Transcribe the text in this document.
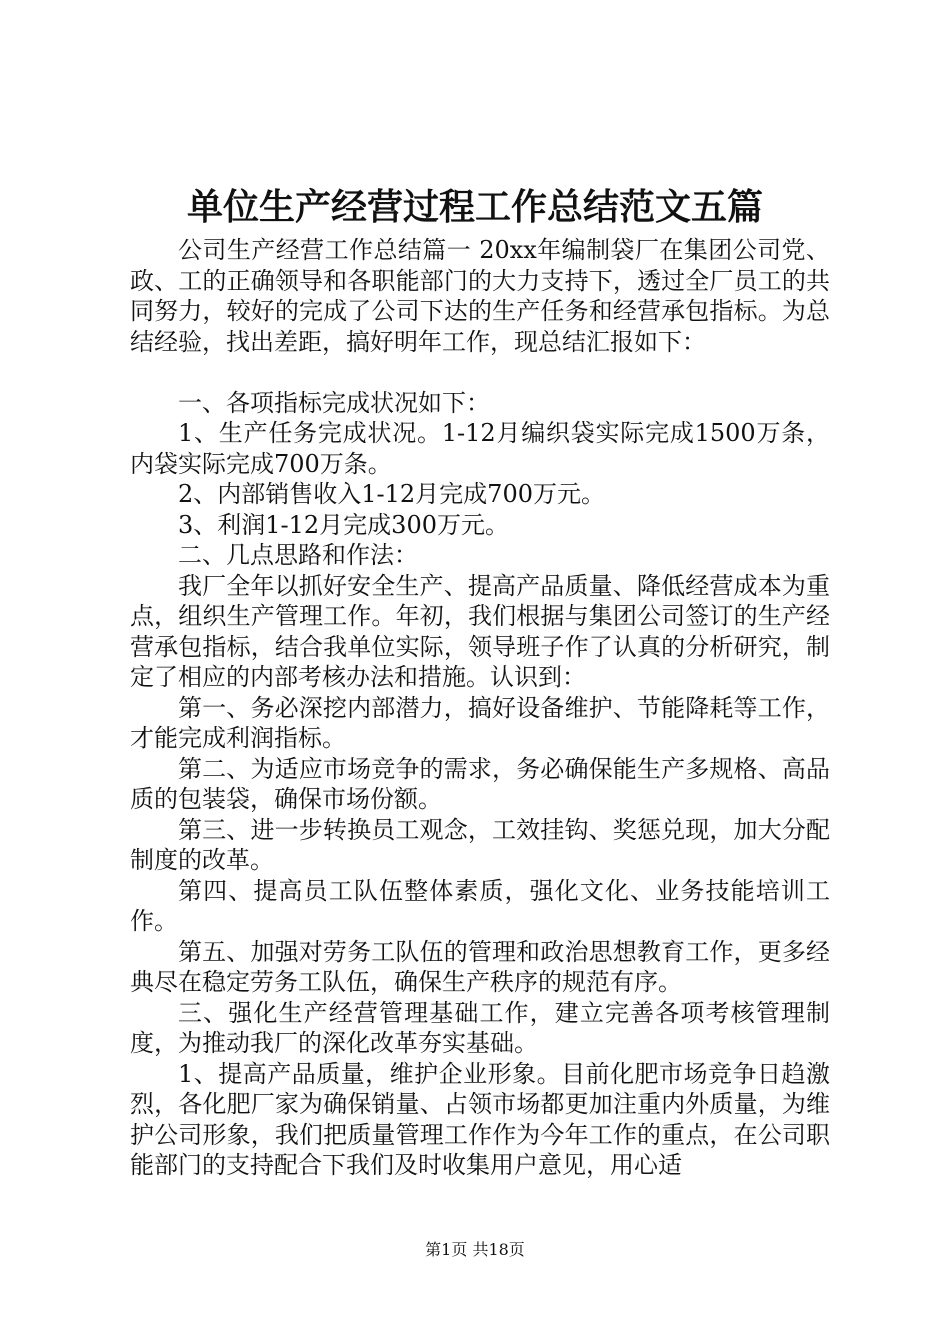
单位生产经营过程工作总结范文五篇

公司生产经营工作总结篇一 20xx年编制袋厂在集团公司党、政、工的正确领导和各职能部门的大力支持下，透过全厂员工的共同努力，较好的完成了公司下达的生产任务和经营承包指标。为总结经验，找出差距，搞好明年工作，现总结汇报如下：

一、各项指标完成状况如下：

1、生产任务完成状况。1-12月编织袋实际完成1500万条，内袋实际完成700万条。

2、内部销售收入1-12月完成700万元。

3、利润1-12月完成300万元。

二、几点思路和作法：

我厂全年以抓好安全生产、提高产品质量、降低经营成本为重点，组织生产管理工作。年初，我们根据与集团公司签订的生产经营承包指标，结合我单位实际，领导班子作了认真的分析研究，制定了相应的内部考核办法和措施。认识到：

第一、务必深挖内部潜力，搞好设备维护、节能降耗等工作，才能完成利润指标。

第二、为适应市场竞争的需求，务必确保能生产多规格、高品质的包装袋，确保市场份额。

第三、进一步转换员工观念，工效挂钩、奖惩兑现，加大分配制度的改革。

第四、提高员工队伍整体素质，强化文化、业务技能培训工作。

第五、加强对劳务工队伍的管理和政治思想教育工作，更多经典尽在稳定劳务工队伍，确保生产秩序的规范有序。

三、强化生产经营管理基础工作，建立完善各项考核管理制度，为推动我厂的深化改革夯实基础。

1、提高产品质量，维护企业形象。目前化肥市场竞争日趋激烈，各化肥厂家为确保销量、占领市场都更加注重内外质量，为维护公司形象，我们把质量管理工作作为今年工作的重点，在公司职能部门的支持配合下我们及时收集用户意见，用心适

第1页 共18页
